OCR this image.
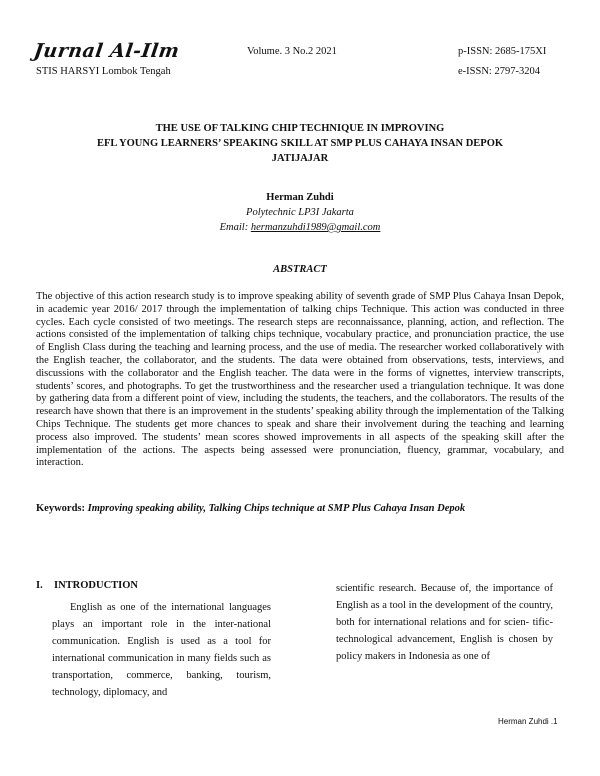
Jurnal Al-Ilm
STIS HARSYI Lombok Tengah
Volume. 3 No.2 2021	p-ISSN: 2685-175XI
e-ISSN: 2797-3204
THE USE OF TALKING CHIP TECHNIQUE IN IMPROVING
EFL YOUNG LEARNERS’ SPEAKING SKILL AT SMP PLUS CAHAYA INSAN DEPOK
JATIJAJAR
Herman Zuhdi
Polytechnic LP3I Jakarta
Email: hermanzuhdi1989@gmail.com
ABSTRACT

The objective of this action research study is to improve speaking ability of seventh grade of SMP Plus Cahaya Insan Depok, in academic year 2016/ 2017 through the implementation of talking chips Technique. This action was conducted in three cycles. Each cycle consisted of two meetings. The research steps are reconnaissance, planning, action, and reflection. The actions consisted of the implementation of talking chips technique, vocabulary practice, and pronunciation practice, the use of English Class during the teaching and learning process, and the use of media. The researcher worked collaboratively with the English teacher, the collaborator, and the students. The data were obtained from observations, tests, interviews, and discussions with the collaborator and the English teacher. The data were in the forms of vignettes, interview transcripts, students’ scores, and photographs. To get the trustworthiness and the researcher used a triangulation technique. It was done by gathering data from a different point of view, including the students, the teachers, and the collaborators. The results of the research have shown that there is an improvement in the students’ speaking ability through the implementation of the Talking Chips Technique. The students get more chances to speak and share their involvement during the teaching and learning process also improved. The students’ mean scores showed improvements in all aspects of the speaking skill after the implementation of the actions. The aspects being assessed were pronunciation, fluency, grammar, vocabulary, and interaction.

Keywords: Improving speaking ability, Talking Chips technique at SMP Plus Cahaya Insan Depok
I. INTRODUCTION

English as one of the international languages plays an important role in the inter-national communication. English is used as a tool for international communication in many fields such as transportation, commerce, banking, tourism, technology, diplomacy, and

scientific research. Because of, the importance of English as a tool in the development of the country, both for international relations and for scien- tific-technological advancement, English is chosen by policy makers in Indonesia as one of

Herman Zuhdi .1
